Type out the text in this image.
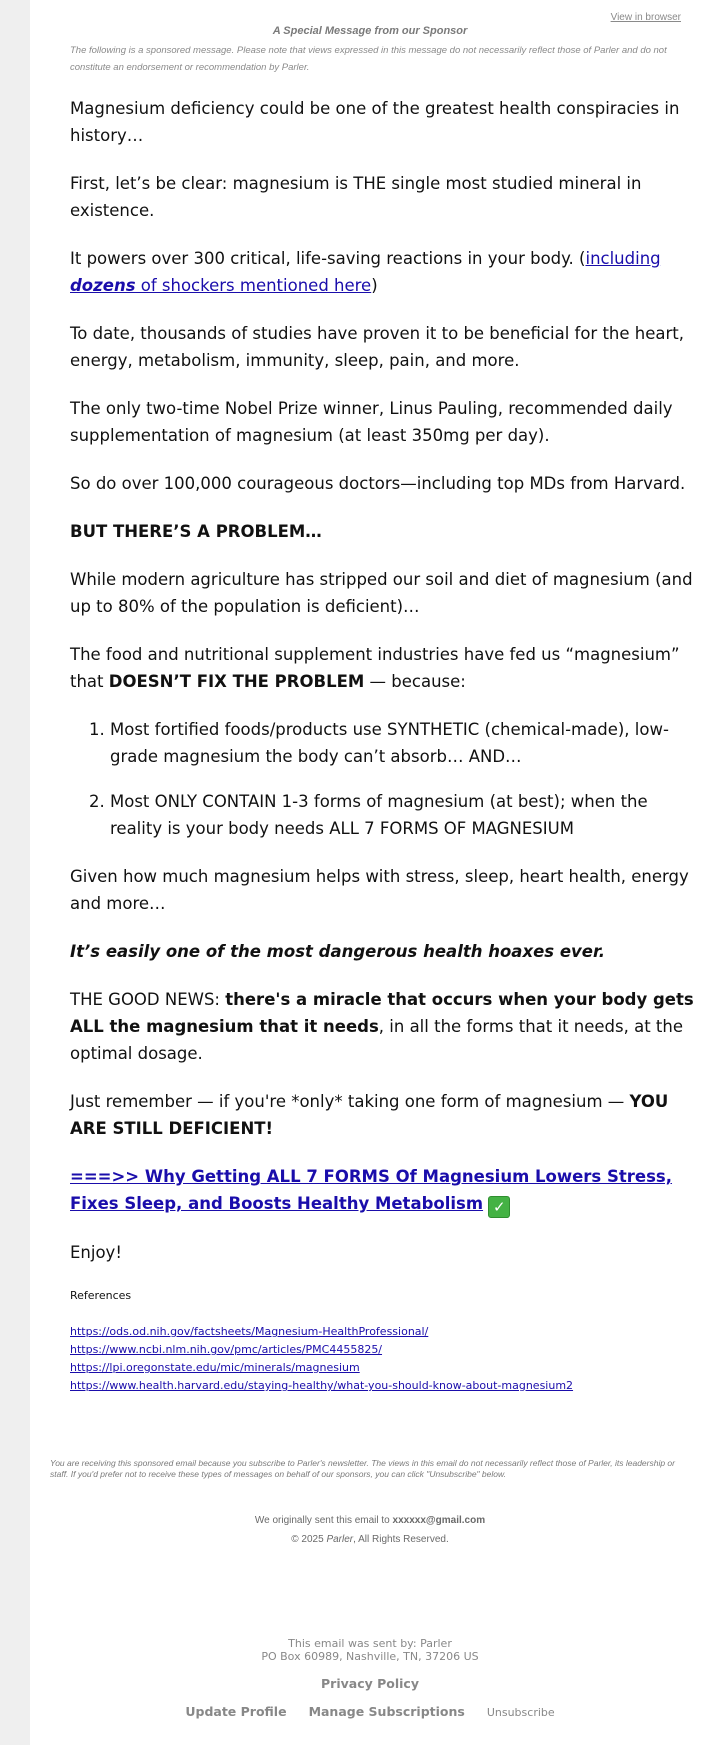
View in browser
A Special Message from our Sponsor
The following is a sponsored message. Please note that views expressed in this message do not necessarily reflect those of Parler and do not constitute an endorsement or recommendation by Parler.

Magnesium deficiency could be one of the greatest health conspiracies in history…

First, let’s be clear: magnesium is THE single most studied mineral in existence.

It powers over 300 critical, life-saving reactions in your body. (including dozens of shockers mentioned here)

To date, thousands of studies have proven it to be beneficial for the heart, energy, metabolism, immunity, sleep, pain, and more.

The only two-time Nobel Prize winner, Linus Pauling, recommended daily supplementation of magnesium (at least 350mg per day).

So do over 100,000 courageous doctors—including top MDs from Harvard.

BUT THERE’S A PROBLEM…

While modern agriculture has stripped our soil and diet of magnesium (and up to 80% of the population is deficient)…

The food and nutritional supplement industries have fed us “magnesium” that DOESN’T FIX THE PROBLEM — because:

1. Most fortified foods/products use SYNTHETIC (chemical-made), low-grade magnesium the body can’t absorb… AND…
2. Most ONLY CONTAIN 1-3 forms of magnesium (at best); when the reality is your body needs ALL 7 FORMS OF MAGNESIUM

Given how much magnesium helps with stress, sleep, heart health, energy and more…

It’s easily one of the most dangerous health hoaxes ever.

THE GOOD NEWS: there's a miracle that occurs when your body gets ALL the magnesium that it needs, in all the forms that it needs, at the optimal dosage.

Just remember — if you're *only* taking one form of magnesium — YOU ARE STILL DEFICIENT!

===>> Why Getting ALL 7 FORMS Of Magnesium Lowers Stress, Fixes Sleep, and Boosts Healthy Metabolism ✓

Enjoy!

References

https://ods.od.nih.gov/factsheets/Magnesium-HealthProfessional/
https://www.ncbi.nlm.nih.gov/pmc/articles/PMC4455825/
https://lpi.oregonstate.edu/mic/minerals/magnesium
https://www.health.harvard.edu/staying-healthy/what-you-should-know-about-magnesium2
You are receiving this sponsored email because you subscribe to Parler's newsletter. The views in this email do not necessarily reflect those of Parler, its leadership or staff. If you'd prefer not to receive these types of messages on behalf of our sponsors, you can click "Unsubscribe" below.
We originally sent this email to xxxxxx@gmail.com
© 2025 Parler, All Rights Reserved.
This email was sent by: Parler
PO Box 60989, Nashville, TN, 37206 US
Privacy Policy
Update Profile Manage Subscriptions Unsubscribe
